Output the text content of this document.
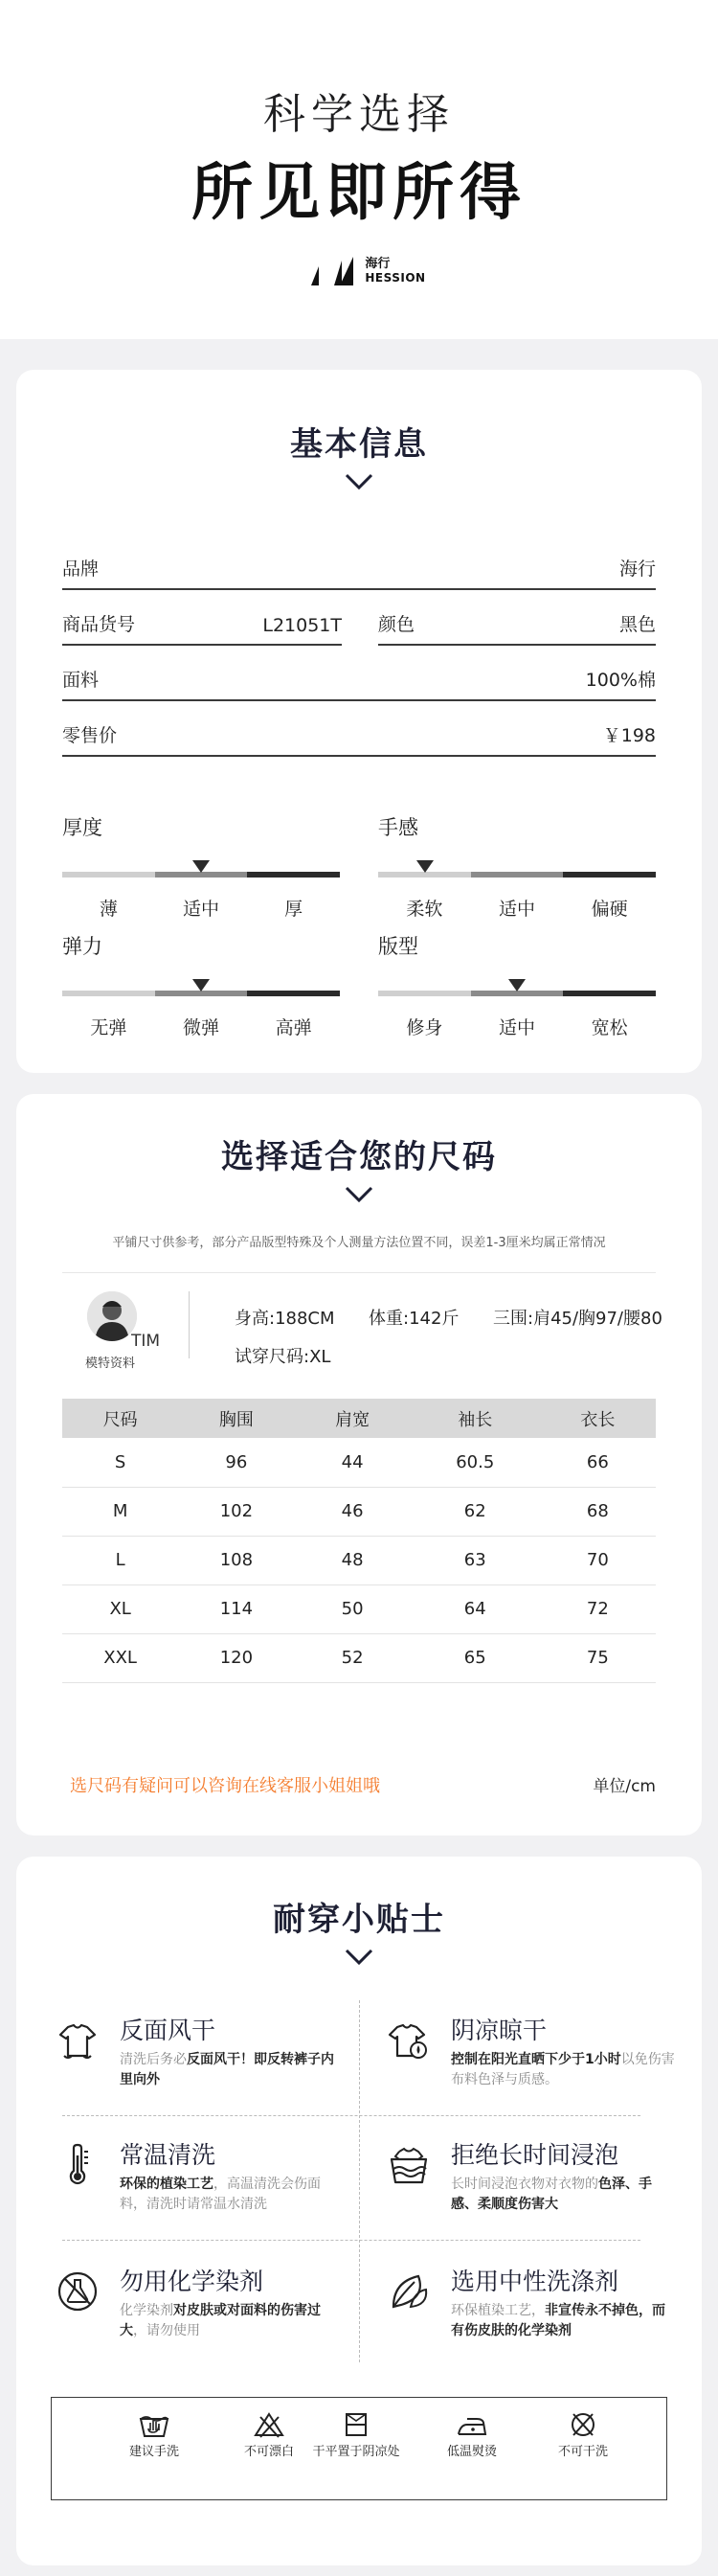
科学选择
所见即所得
海行
HESSION
基本信息
品牌	海行
商品货号	L21051T 颜色	黑色
面料	100%棉
零售价	￥198
厚度
薄	适中	厚
手感
柔软	适中	偏硬
弹力
无弹	微弹	高弹
版型
修身	适中	宽松
选择适合您的尺码
平铺尺寸供参考，部分产品版型特殊及个人测量方法位置不同，误差1-3厘米均属正常情况
TIM
模特资料
身高:188CM 体重:142斤 三围:肩45/胸97/腰80
试穿尺码:XL
尺码	胸围	肩宽	袖长	衣长
S	96	44	60.5	66
M	102	46	62	68
L	108	48	63	70
XL	114	50	64	72
XXL	120	52	65	75
选尺码有疑问可以咨询在线客服小姐姐哦	单位/cm
耐穿小贴士
反面风干
清洗后务必反面风干！即反转裤子内里向外
阴凉晾干
控制在阳光直晒下少于1小时以免伤害布料色泽与质感。
常温清洗
环保的植染工艺，高温清洗会伤面料，清洗时请常温水清洗
拒绝长时间浸泡
长时间浸泡衣物对衣物的色泽、手感、柔顺度伤害大
勿用化学染剂
化学染剂对皮肤或对面料的伤害过大，请勿使用
选用中性洗涤剂
环保植染工艺，非宣传永不掉色，而有伤皮肤的化学染剂
建议手洗	不可漂白	干平置于阴凉处	低温熨烫	不可干洗
